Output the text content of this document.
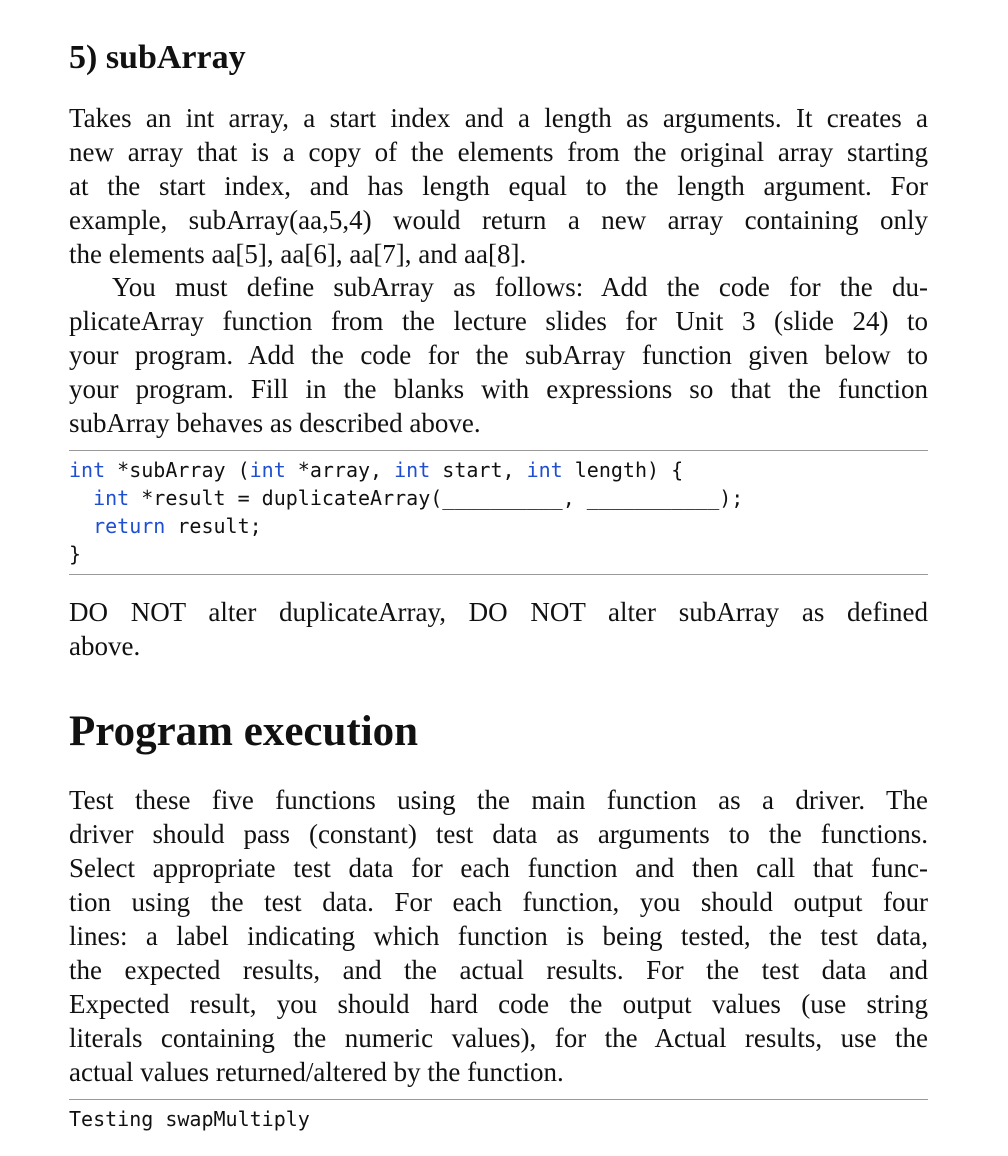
5) subArray
Takes an int array, a start index and a length as arguments. It creates a
new array that is a copy of the elements from the original array starting
at the start index, and has length equal to the length argument. For
example, subArray(aa,5,4) would return a new array containing only
the elements aa[5], aa[6], aa[7], and aa[8].
You must define subArray as follows: Add the code for the du-
plicateArray function from the lecture slides for Unit 3 (slide 24) to
your program. Add the code for the subArray function given below to
your program. Fill in the blanks with expressions so that the function
subArray behaves as described above.
int *subArray (int *array, int start, int length) {
int *result = duplicateArray(__________, ___________);
return result;
}
DO NOT alter duplicateArray, DO NOT alter subArray as defined
above.
Program execution
Test these five functions using the main function as a driver. The
driver should pass (constant) test data as arguments to the functions.
Select appropriate test data for each function and then call that func-
tion using the test data. For each function, you should output four
lines: a label indicating which function is being tested, the test data,
the expected results, and the actual results. For the test data and
Expected result, you should hard code the output values (use string
literals containing the numeric values), for the Actual results, use the
actual values returned/altered by the function.
Testing swapMultiply
